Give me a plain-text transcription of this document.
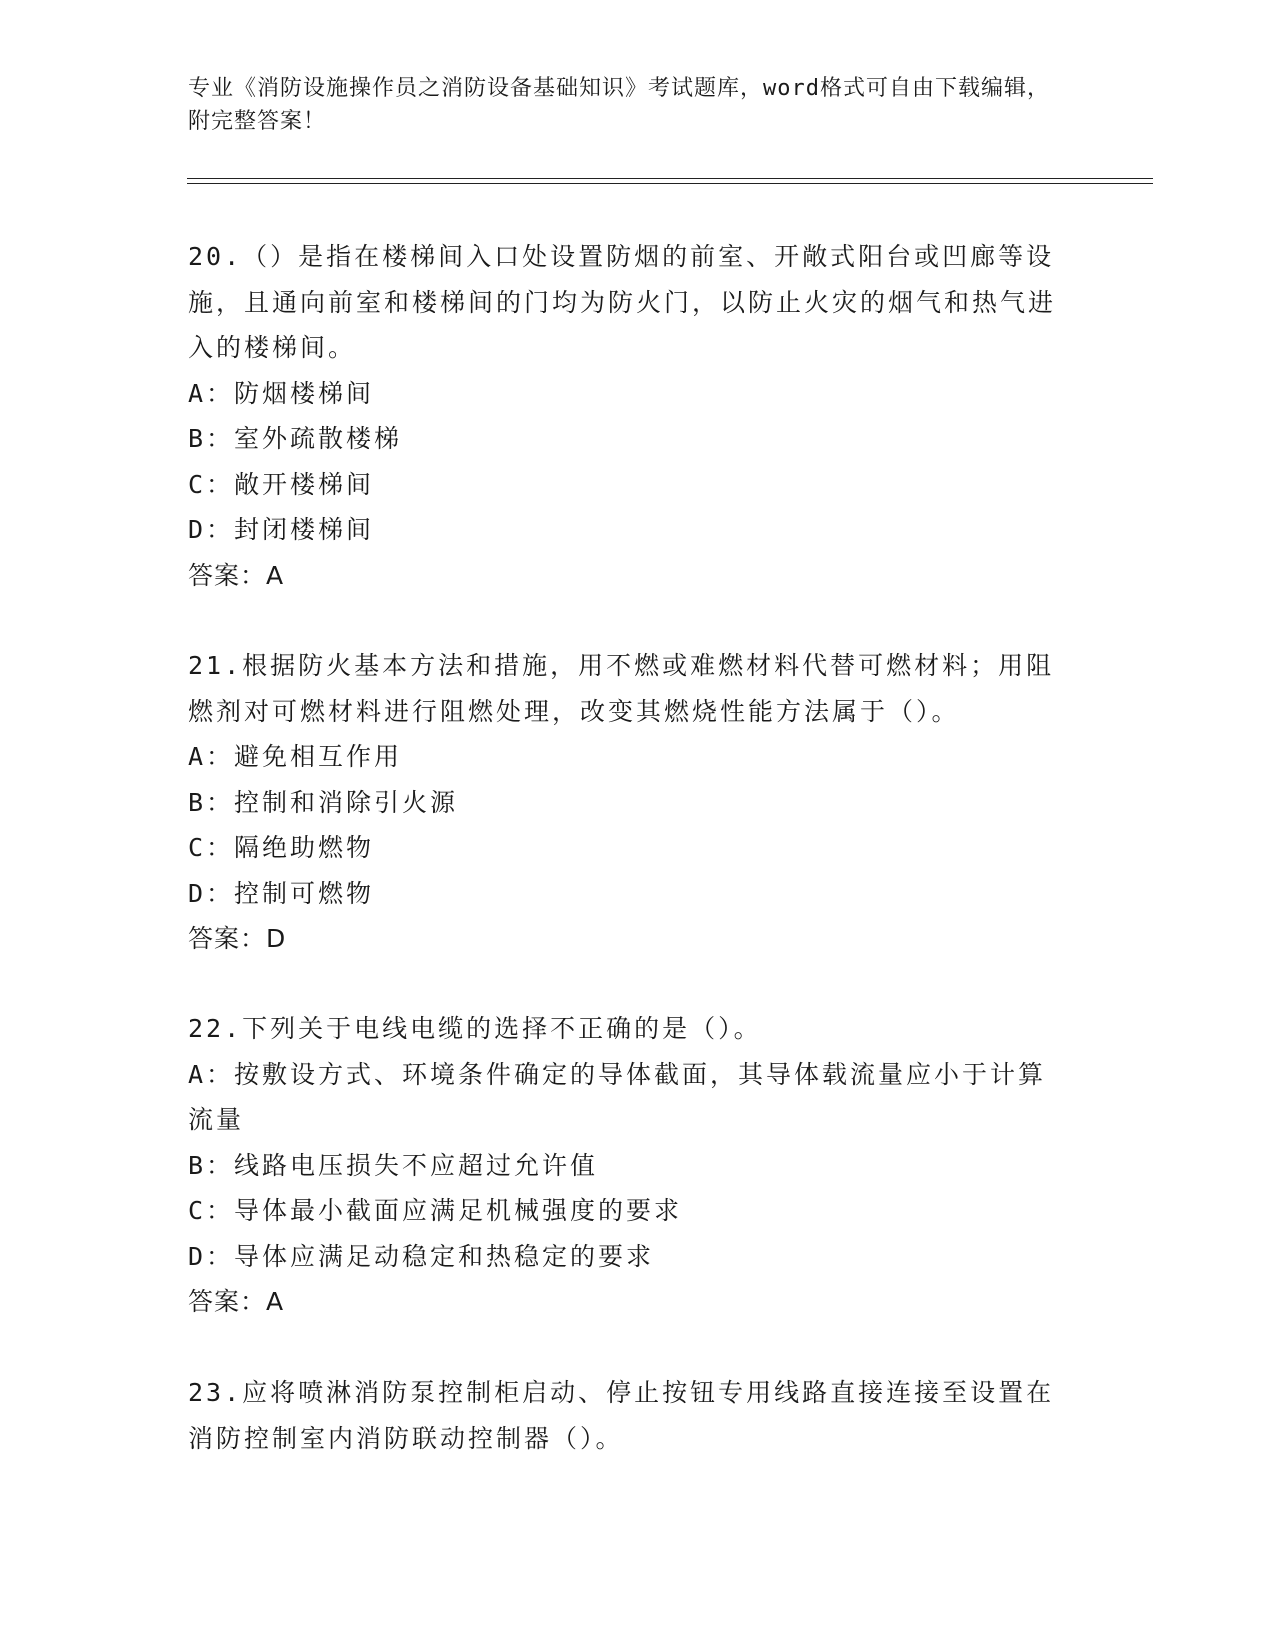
专业《消防设施操作员之消防设备基础知识》考试题库，word格式可自由下载编辑，附完整答案！

20.（）是指在楼梯间入口处设置防烟的前室、开敞式阳台或凹廊等设施，且通向前室和楼梯间的门均为防火门，以防止火灾的烟气和热气进入的楼梯间。

A：防烟楼梯间

B：室外疏散楼梯

C：敞开楼梯间

D：封闭楼梯间

答案：A

21.根据防火基本方法和措施，用不燃或难燃材料代替可燃材料；用阻燃剂对可燃材料进行阻燃处理，改变其燃烧性能方法属于（）。

A：避免相互作用

B：控制和消除引火源

C：隔绝助燃物

D：控制可燃物

答案：D

22.下列关于电线电缆的选择不正确的是（）。

A：按敷设方式、环境条件确定的导体截面，其导体载流量应小于计算流量

B：线路电压损失不应超过允许值

C：导体最小截面应满足机械强度的要求

D：导体应满足动稳定和热稳定的要求

答案：A

23.应将喷淋消防泵控制柜启动、停止按钮专用线路直接连接至设置在消防控制室内消防联动控制器（）。
